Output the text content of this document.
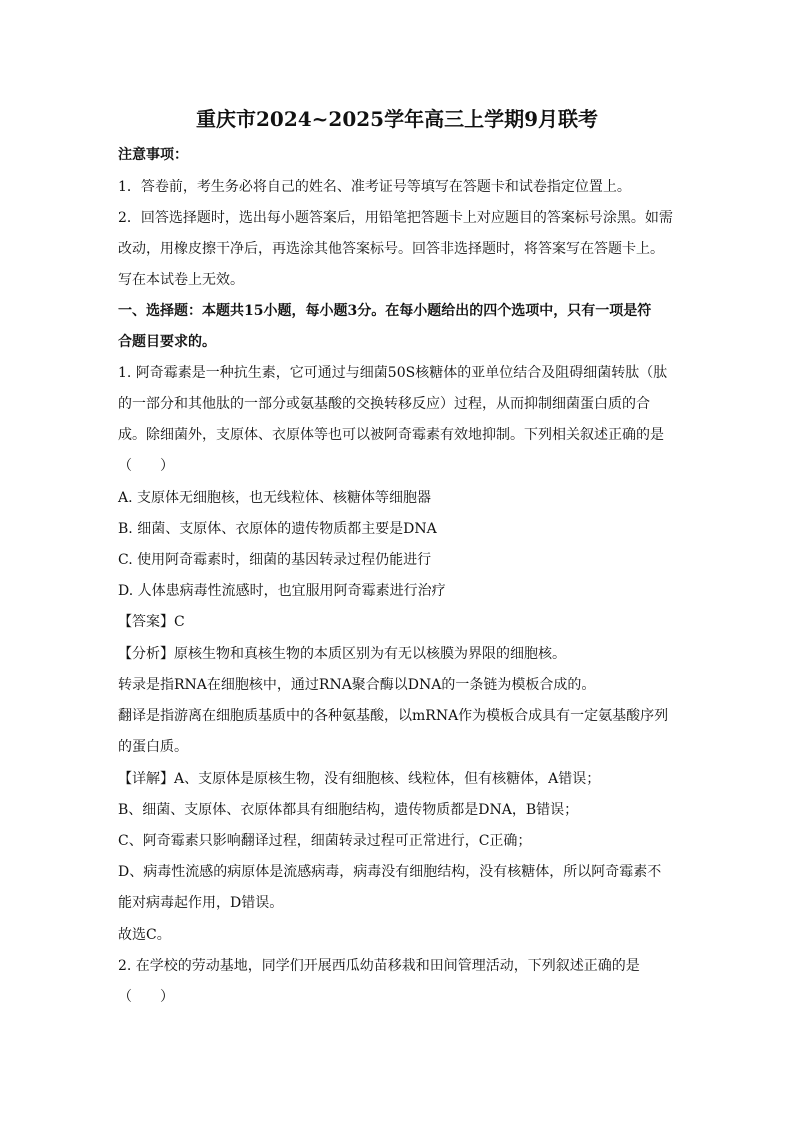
重庆市2024~2025学年高三上学期9月联考
注意事项：
1．答卷前，考生务必将自己的姓名、准考证号等填写在答题卡和试卷指定位置上。
2．回答选择题时，选出每小题答案后，用铅笔把答题卡上对应题目的答案标号涂黑。如需
改动，用橡皮擦干净后，再选涂其他答案标号。回答非选择题时，将答案写在答题卡上。
写在本试卷上无效。
一、选择题：本题共15小题，每小题3分。在每小题给出的四个选项中，只有一项是符
合题目要求的。
1. 阿奇霉素是一种抗生素，它可通过与细菌50S核糖体的亚单位结合及阻碍细菌转肽（肽
的一部分和其他肽的一部分或氨基酸的交换转移反应）过程，从而抑制细菌蛋白质的合
成。除细菌外，支原体、衣原体等也可以被阿奇霉素有效地抑制。下列相关叙述正确的是
（　　）
A. 支原体无细胞核，也无线粒体、核糖体等细胞器
B. 细菌、支原体、衣原体的遗传物质都主要是DNA
C. 使用阿奇霉素时，细菌的基因转录过程仍能进行
D. 人体患病毒性流感时，也宜服用阿奇霉素进行治疗
【答案】C
【分析】原核生物和真核生物的本质区别为有无以核膜为界限的细胞核。
转录是指RNA在细胞核中，通过RNA聚合酶以DNA的一条链为模板合成的。
翻译是指游离在细胞质基质中的各种氨基酸，以mRNA作为模板合成具有一定氨基酸序列
的蛋白质。
【详解】A、支原体是原核生物，没有细胞核、线粒体，但有核糖体，A错误；
B、细菌、支原体、衣原体都具有细胞结构，遗传物质都是DNA，B错误；
C、阿奇霉素只影响翻译过程，细菌转录过程可正常进行，C正确；
D、病毒性流感的病原体是流感病毒，病毒没有细胞结构，没有核糖体，所以阿奇霉素不
能对病毒起作用，D错误。
故选C。
2. 在学校的劳动基地，同学们开展西瓜幼苗移栽和田间管理活动，下列叙述正确的是
（　　）
